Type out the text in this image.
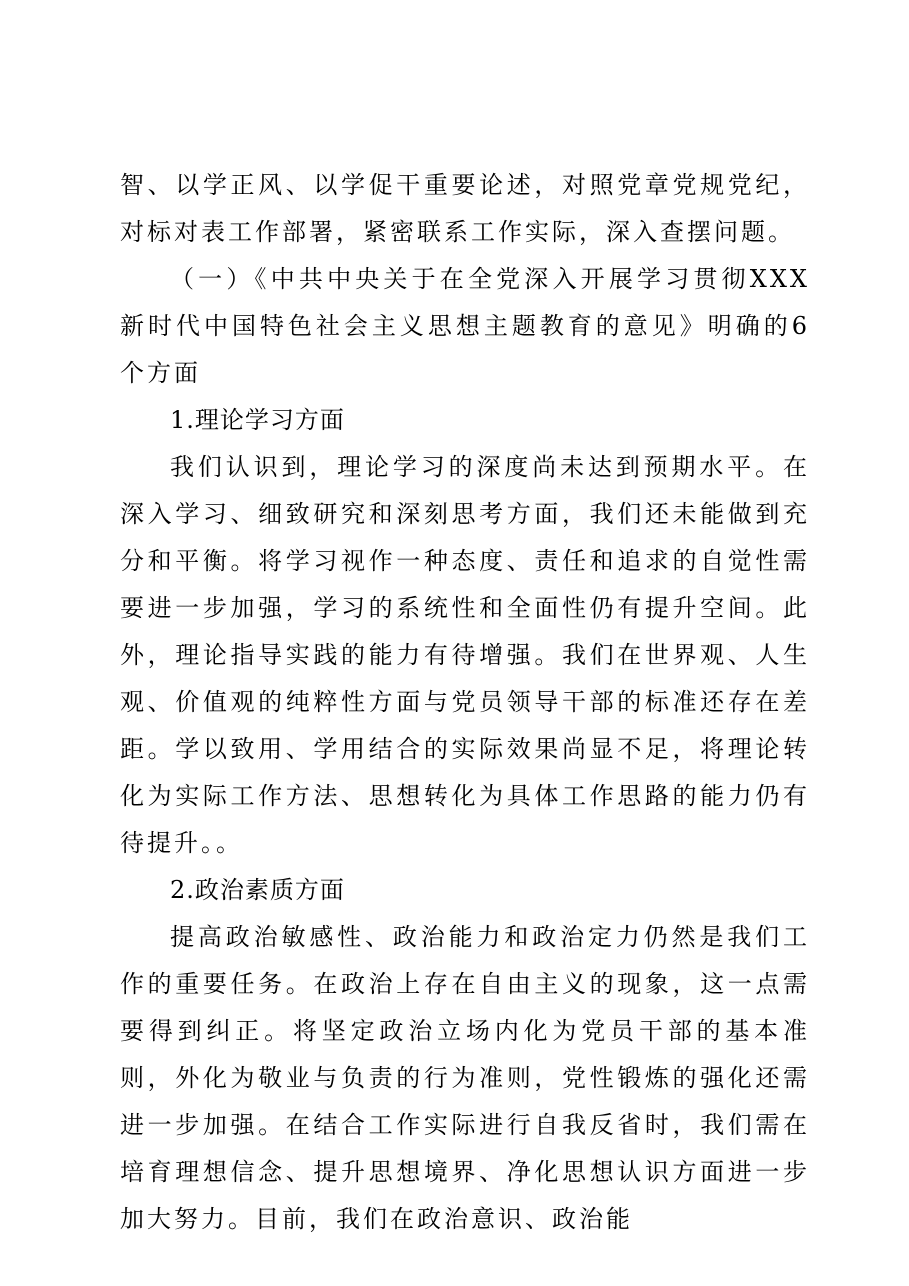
智、以学正风、以学促干重要论述，对照党章党规党纪，对标对表工作部署，紧密联系工作实际，深入查摆问题。

（一）《中共中央关于在全党深入开展学习贯彻XXX新时代中国特色社会主义思想主题教育的意见》明确的6个方面

1.理论学习方面

我们认识到，理论学习的深度尚未达到预期水平。在深入学习、细致研究和深刻思考方面，我们还未能做到充分和平衡。将学习视作一种态度、责任和追求的自觉性需要进一步加强，学习的系统性和全面性仍有提升空间。此外，理论指导实践的能力有待增强。我们在世界观、人生观、价值观的纯粹性方面与党员领导干部的标准还存在差距。学以致用、学用结合的实际效果尚显不足，将理论转化为实际工作方法、思想转化为具体工作思路的能力仍有待提升。。

2.政治素质方面

提高政治敏感性、政治能力和政治定力仍然是我们工作的重要任务。在政治上存在自由主义的现象，这一点需要得到纠正。将坚定政治立场内化为党员干部的基本准则，外化为敬业与负责的行为准则，党性锻炼的强化还需进一步加强。在结合工作实际进行自我反省时，我们需在培育理想信念、提升思想境界、净化思想认识方面进一步加大努力。目前，我们在政治意识、政治能
